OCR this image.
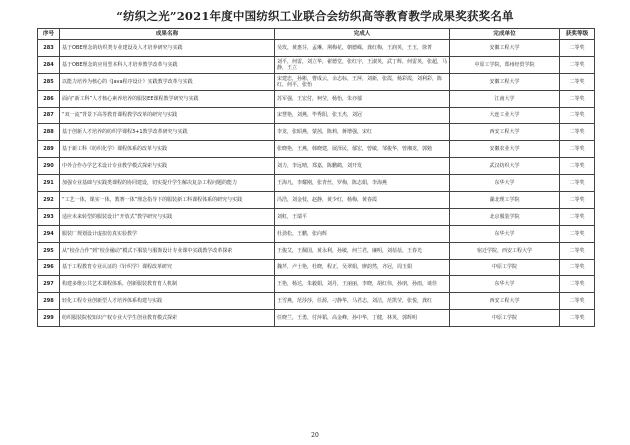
“纺织之光”2021年度中国纺织工业联合会纺织高等教育教学成果奖获奖名单
序号	成果名称	完成人	完成单位	获奖等级
283	基于OBE理念的纺织类专业建设及人才培养研究与实践	吴玫，黄惠芬，孟琳，荆梅花，朝德嵘，龚红梅，王润英，王玉，徐菁	安徽工程大学	二等奖
284	基于OBE理念的应用型本科人才培养教学改革与实践	刘平，何雷，刘立华，翟德堂，张红宇，王淑英，武丁辉，何雷英，张超，马静，王立	中原工学院，郑州经贸学院	二等奖
285	以能力培养为核心的《Java程序设计》实践教学改革与实践	宋建忠，孙彬，曹成云，余志标，王萍，刘新，张霞，杨彩霞，刘利彩，陈红，何平，张怡	安徽工程大学	二等奖
286	面向“新工科”人才核心素养培养的服装EE课程教学研究与实践	苏军强，王宏付，柯莹，杨怡，朱亦郁	江南大学	二等奖
287	“双一流”背景下高等教育课程教学改革的研究与实践	宋慧艳，刘燕，毕秀阳，张玉杰，刘冠	大连工业大学	二等奖
288	基于创新人才培养的纺织学课程3+1教学改革研究与实践	李龙，张昭燕，蒙茜，陈莉，蒋增强，宋红	西安工程大学	二等奖
289	基于新工科《纺织化学》课程体系的改革与实践	张晓艳，王燕，韩晓建，展泽民，郁宏，曾敏，邹俊华，曾湘龙，郭勉	安徽农业大学	二等奖
290	中外合作办学艺术设计专业教学模式探索与实践	刘力，李远晴，郑嘉，陈鹏鹤，刘开发	武汉纺织大学	二等奖
291	加强专业基础与实践类课程的协同建设，切实提升学生解决复杂工程问题的能力	王海凡，李耀刚，张青丝，罗梅，陈志娟，李海燕	东华大学	二等奖
292	“工艺一体，课实一体，教赛一体”理念指导下的服装新工科课程体系的研究与实践	冯浩，刘金枝，赵静，黄少红，杨梅，黄春霞	湖北理工学院	二等奖
293	适应未来转型的服装设计“开放式”教学研究与实践	刘虹，王瑞平	北京服装学院	二等奖
294	服装厂规划设计虚拟仿真实验教学	杜劲松，王鹏，张向辉	东华大学	二等奖
295	从“校企合作”到“校企融动”模式下服装与服饰设计专业课中实践教学改革探索	王俊艾，王佩国，黄永利，孙敏，何兰君，廉明，刘蓓蓓，王春光	宿迁学院，西安工程大学	二等奖
296	基于工程教育专业认证的《针织学》课程改革研究	魏芹，卢士艳，杜晓，程正，吴翠娟，廖韵然，齐冠，周玉娟	中原工学院	二等奖
297	构建多维公共艺术课程体系，创新服装教育育人机制	王艳，杨达，朱毅娟，刘丹，王丽丽，李晓，胡红伟，孙朋，孙雨，谈佳	东华大学	二等奖
298	轻化工程专业创新型人才培养体系构建与实践	王雪燕，范莎莎，任源，刁静华，马君志，刘洁，范凯莹，张悦，龚红	西安工程大学	二等奖
299	纺织服装院校知识产权专业大学生创业教育模式探索	任晓兰，王勇，付萍韬，高金峰，孙中华，丁健，林英，郭辉明	中原工学院	二等奖
20
